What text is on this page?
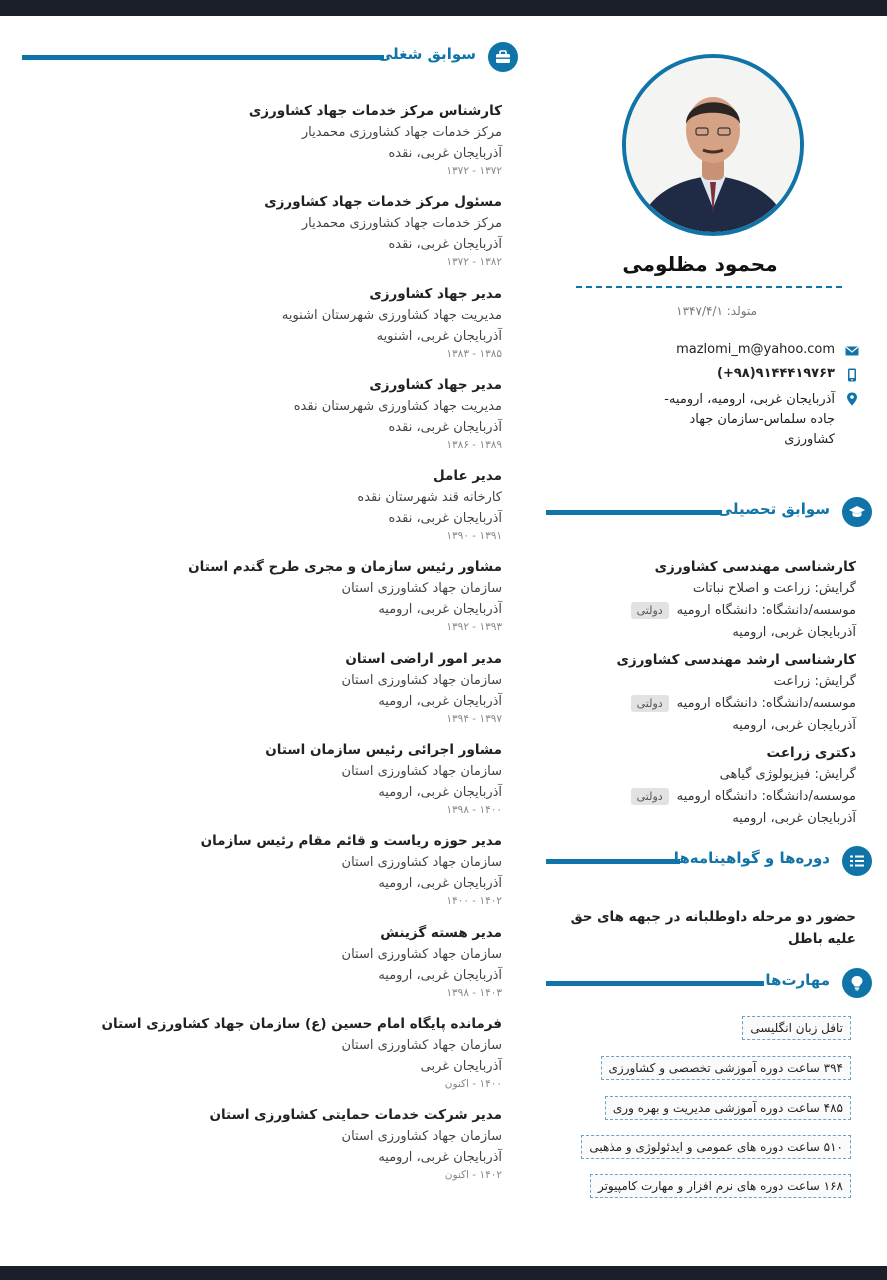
سوابق شغلی
کارشناس مرکز خدمات جهاد کشاورزی
مرکز خدمات جهاد کشاورزی محمدیار
آذربایجان غربی، نقده
۱۳۷۲ - ۱۳۷۲
مسئول مرکز خدمات جهاد کشاورزی
مرکز خدمات جهاد کشاورزی محمدیار
آذربایجان غربی، نقده
۱۳۸۲ - ۱۳۷۲
مدیر جهاد کشاورزی
مدیریت جهاد کشاورزی شهرستان اشنویه
آذربایجان غربی، اشنویه
۱۳۸۵ - ۱۳۸۳
مدیر جهاد کشاورزی
مدیریت جهاد کشاورزی شهرستان نقده
آذربایجان غربی، نقده
۱۳۸۹ - ۱۳۸۶
مدیر عامل
کارخانه قند شهرستان نقده
آذربایجان غربی، نقده
۱۳۹۱ - ۱۳۹۰
مشاور رئیس سازمان و مجری طرح گندم استان
سازمان جهاد کشاورزی استان
آذربایجان غربی، ارومیه
۱۳۹۳ - ۱۳۹۲
مدیر امور اراضی استان
سازمان جهاد کشاورزی استان
آذربایجان غربی، ارومیه
۱۳۹۷ - ۱۳۹۴
مشاور اجرائی رئیس سازمان استان
سازمان جهاد کشاورزی استان
آذربایجان غربی، ارومیه
۱۴۰۰ - ۱۳۹۸
مدیر حوزه ریاست و قائم مقام رئیس سازمان
سازمان جهاد کشاورزی استان
آذربایجان غربی، ارومیه
۱۴۰۲ - ۱۴۰۰
مدیر هسته گزینش
سازمان جهاد کشاورزی استان
آذربایجان غربی، ارومیه
۱۴۰۳ - ۱۳۹۸
فرمانده پایگاه امام حسین (ع) سازمان جهاد کشاورزی استان
سازمان جهاد کشاورزی استان
آذربایجان غربی
۱۴۰۰ - اکنون
مدیر شرکت خدمات حمایتی کشاورزی استان
سازمان جهاد کشاورزی استان
آذربایجان غربی، ارومیه
۱۴۰۲ - اکنون
محمود مظلومی
متولد: ۱۳۴۷/۴/۱
mazlomi_m@yahoo.com
(+۹۸)۹۱۴۴۴۱۹۷۶۳
آذربایجان غربی، ارومیه، ارومیه- جاده سلماس-سازمان جهاد کشاورزی
سوابق تحصیلی
کارشناسی مهندسی کشاورزی
گرایش: زراعت و اصلاح نباتات
موسسه/دانشگاه: دانشگاه ارومیهدولتی
آذربایجان غربی، ارومیه
کارشناسی ارشد مهندسی کشاورزی
گرایش: زراعت
موسسه/دانشگاه: دانشگاه ارومیهدولتی
آذربایجان غربی، ارومیه
دکتری زراعت
گرایش: فیزیولوژی گیاهی
موسسه/دانشگاه: دانشگاه ارومیهدولتی
آذربایجان غربی، ارومیه
دوره‌ها و گواهینامه‌ها
حضور دو مرحله داوطلبانه در جبهه های حق علیه باطل
مهارت‌ها
تافل زبان انگلیسی
۳۹۴ ساعت دوره آموزشی تخصصی و کشاورزی
۴۸۵ ساعت دوره آموزشی مدیریت و بهره وری
۵۱۰ ساعت دوره های عمومی و ایدئولوژی و مذهبی
۱۶۸ ساعت دوره های نرم افزار و مهارت کامپیوتر
